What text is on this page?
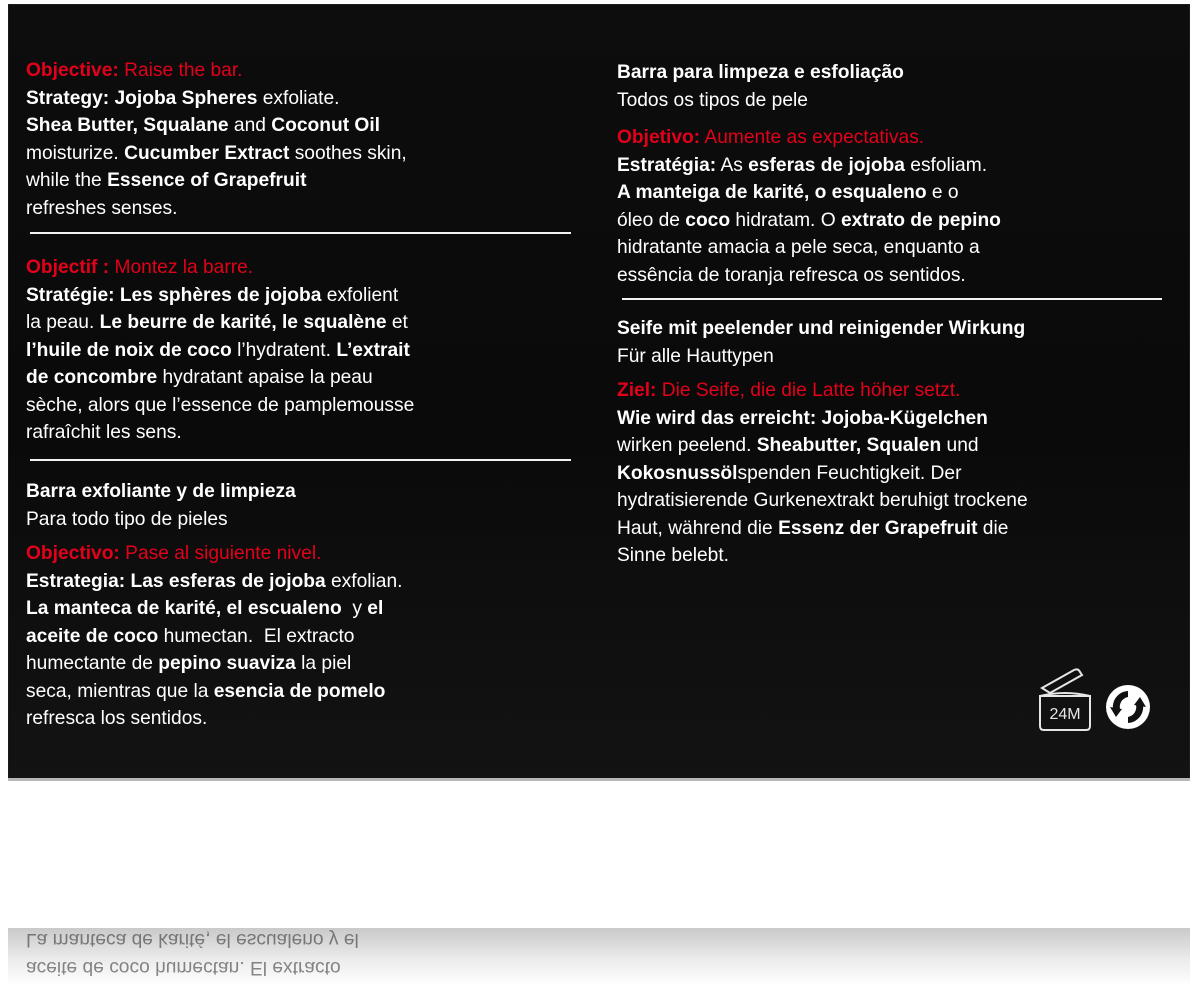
Objective: Raise the bar.

Strategy: Jojoba Spheres exfoliate.

Shea Butter, Squalane and Coconut Oil

moisturize. Cucumber Extract soothes skin,

while the Essence of Grapefruit

refreshes senses.

Objectif : Montez la barre.

Stratégie: Les sphères de jojoba exfolient

la peau. Le beurre de karité, le squalène et

l’huile de noix de coco l’hydratent. L’extrait

de concombre hydratant apaise la peau

sèche, alors que l’essence de pamplemousse

rafraîchit les sens.

Barra exfoliante y de limpieza

Para todo tipo de pieles

Objectivo: Pase al siguiente nivel.

Estrategia: Las esferas de jojoba exfolian.

La manteca de karité, el escualeno  y el

aceite de coco humectan.  El extracto

humectante de pepino suaviza la piel

seca, mientras que la esencia de pomelo

refresca los sentidos.

Barra para limpeza e esfoliação

Todos os tipos de pele

Objetivo: Aumente as expectativas.

Estratégia: As esferas de jojoba esfoliam.

A manteiga de karité, o esqualeno e o

óleo de coco hidratam. O extrato de pepino

hidratante amacia a pele seca, enquanto a

essência de toranja refresca os sentidos.

Seife mit peelender und reinigender Wirkung

Für alle Hauttypen

Ziel: Die Seife, die die Latte höher setzt.

Wie wird das erreicht: Jojoba-Kügelchen

wirken peelend. Sheabutter, Squalen und

Kokosnussölspenden Feuchtigkeit. Der

hydratisierende Gurkenextrakt beruhigt trockene

Haut, während die Essenz der Grapefruit die

Sinne belebt.

24M

aceite de coco humectan. El extracto

La manteca de karité, el escualeno y el
